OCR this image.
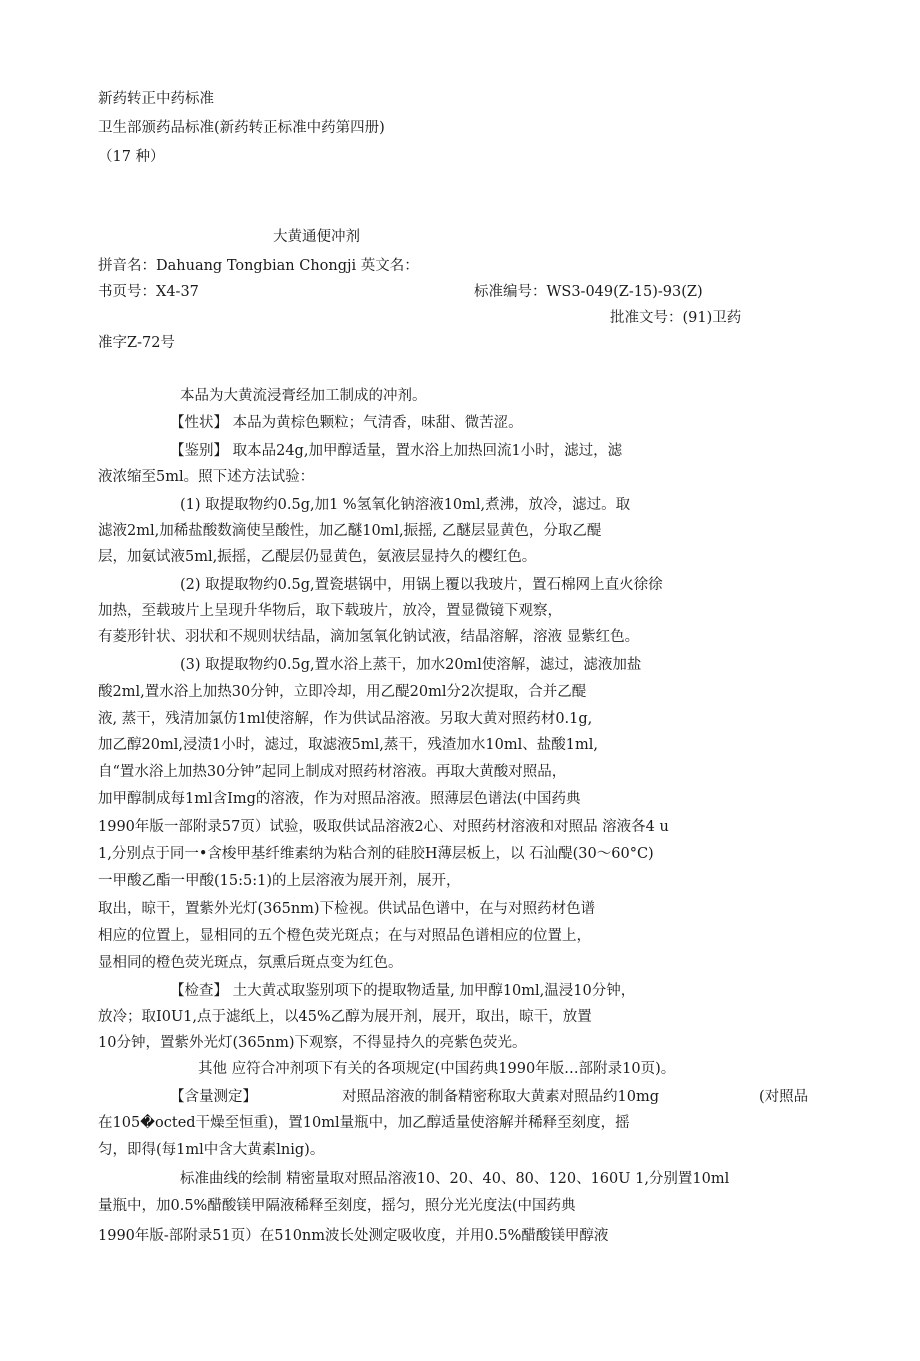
新药转正中药标准
卫生部颁药品标准(新药转正标准中药第四册)
（17 种）
大黄通便冲剂
拼音名：Dahuang Tongbian Chongji 英文名：
书页号：X4-37	标准编号：WS3-049(Z-15)-93(Z)
批准文号：(91)卫药
准字Z-72号
本品为大黄流浸膏经加工制成的冲剂。
【性状】 本品为黄棕色颗粒；气清香，味甜、微苦涩。
【鉴别】 取本品24g,加甲醇适量，置水浴上加热回流1小时，滤过，滤
液浓缩至5ml。照下述方法试验：
(1) 取提取物约0.5g,加1 %氢氧化钠溶液10ml,煮沸，放冷，滤过。取
滤液2ml,加稀盐酸数滴使呈酸性，加乙醚10ml,振摇, 乙醚层显黄色，分取乙醍
层，加氨试液5ml,振摇，乙醍层仍显黄色，氨液层显持久的樱红色。
(2) 取提取物约0.5g,置瓷堪锅中，用锅上覆以我玻片，置石棉网上直火徐徐
加热，至载玻片上呈现升华物后，取下载玻片，放冷，置显微镜下观察，
有菱形针状、羽状和不规则状结晶，滴加氢氧化钠试液，结晶溶解，溶液 显紫红色。
(3) 取提取物约0.5g,置水浴上蒸干，加水20ml使溶解，滤过，滤液加盐
酸2ml,置水浴上加热30分钟，立即冷却，用乙醍20ml分2次提取，合并乙醍
液, 蒸干，残清加氯仿1ml使溶解，作为供试品溶液。另取大黄对照药材0.1g,
加乙醇20ml,浸渍1小时，滤过，取滤液5ml,蒸干，残渣加水10ml、盐酸1ml,
自“置水浴上加热30分钟”起同上制成对照药材溶液。再取大黄酸对照品，
加甲醇制成每1ml含Img的溶液，作为对照品溶液。照薄层色谱法(中国药典
1990年版一部附录57页）试验，吸取供试品溶液2心、对照药材溶液和对照品 溶液各4 u
1,分别点于同一•含梭甲基纤维素纳为粘合剂的硅胶H薄层板上，以 石汕醍(30～60°C)
一甲酸乙酯一甲酸(15:5:1)的上层溶液为展开剂，展开，
取出，晾干，置紫外光灯(365nm)下检视。供试品色谱中，在与对照药材色谱
相应的位置上，显相同的五个橙色荧光斑点；在与对照品色谱相应的位置上，
显相同的橙色荧光斑点，氛熏后斑点变为红色。
【检查】 土大黄忒取鉴别项下的提取物适量, 加甲醇10ml,温浸10分钟，
放冷；取I0U1,点于滤纸上，以45%乙醇为展开剂，展开，取出，晾干，放置
10分钟，置紫外光灯(365nm)下观察，不得显持久的亮紫色荧光。
其他 应符合冲剂项下有关的各项规定(中国药典1990年版…部附录10页)。
【含量测定】	对照品溶液的制备精密称取大黄素对照品约10mg	(对照品
在105�octed干燥至恒重)，置10ml量瓶中，加乙醇适量使溶解并稀释至刻度，摇
匀，即得(每1ml中含大黄素lnig)。
标准曲线的绘制 精密量取对照品溶液10、20、40、80、120、160U 1,分别置10ml
量瓶中，加0.5%醋酸镁甲隔液稀释至刻度，摇匀，照分光光度法(中国药典
1990年版-部附录51页）在510nm波长处测定吸收度，并用0.5%醋酸镁甲醇液
